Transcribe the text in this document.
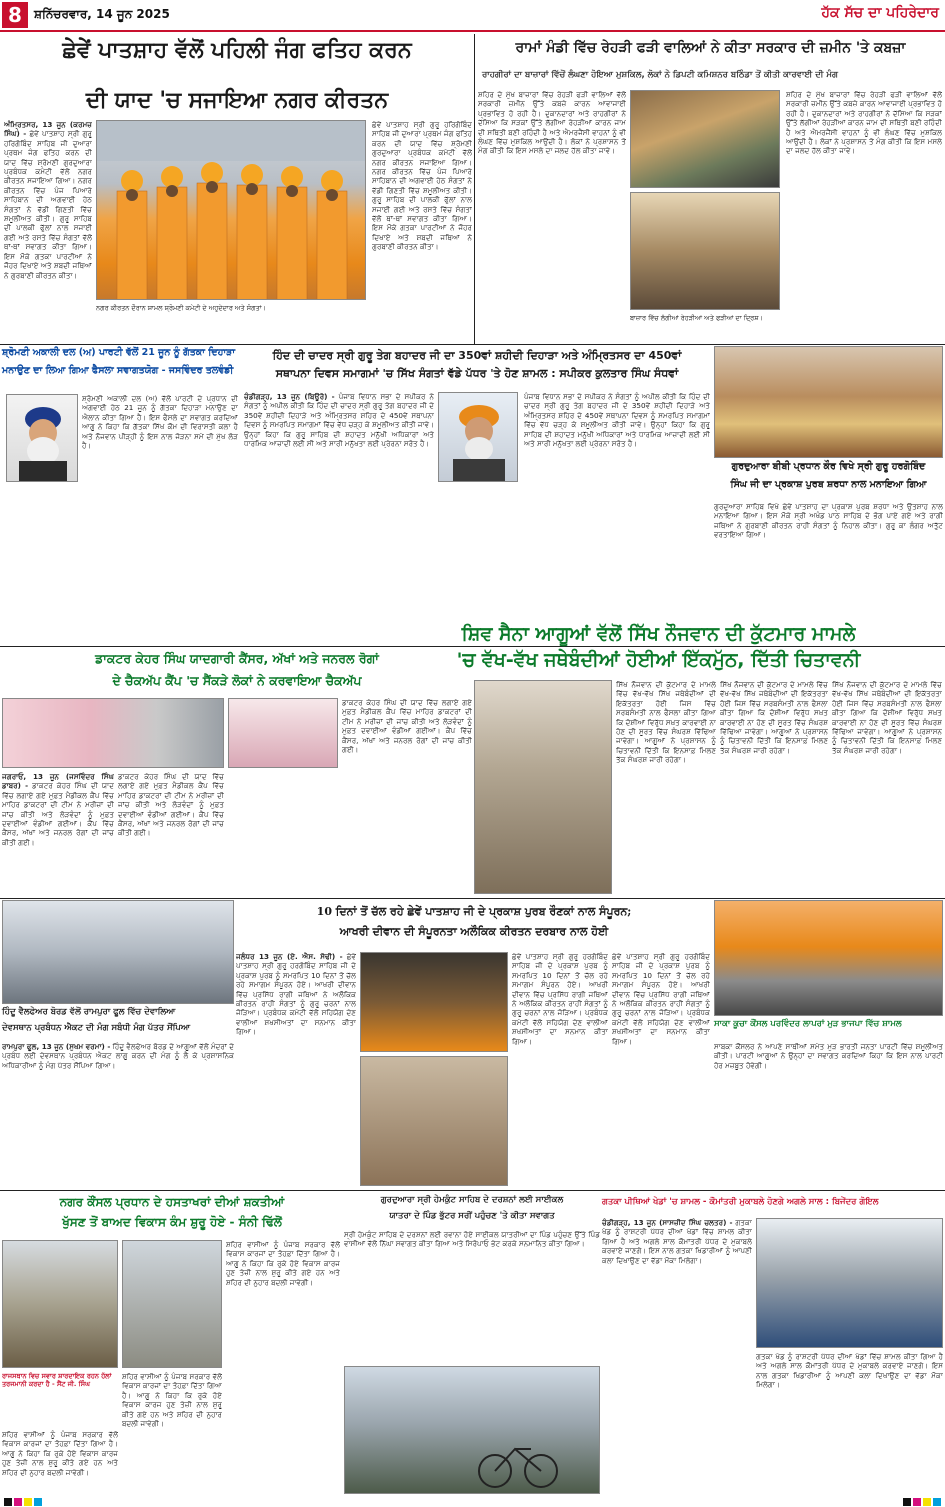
8	ਸ਼ਨਿੱਚਰਵਾਰ, 14 ਜੂਨ 2025	ਹੱਕ ਸੱਚ ਦਾ ਪਹਿਰੇਦਾਰ
ਛੇਵੇਂ ਪਾਤਸ਼ਾਹ ਵੱਲੋਂ ਪਹਿਲੀ ਜੰਗ ਫਤਿਹ ਕਰਨ
ਦੀ ਯਾਦ 'ਚ ਸਜਾਇਆ ਨਗਰ ਕੀਰਤਨ
ਅੰਮ੍ਰਿਤਸਰ, 13 ਜੂਨ (ਕਰਮਜ਼ ਸਿੰਘ) - ਛੇਵੇਂ ਪਾਤਸ਼ਾਹ ਸ੍ਰੀ ਗੁਰੂ ਹਰਿਗੋਬਿੰਦ ਸਾਹਿਬ ਜੀ ਦੁਆਰਾ ਪ੍ਰਥਮ ਜੰਗ ਫਤਿਹ ਕਰਨ ਦੀ ਯਾਦ ਵਿੱਚ ਸ਼੍ਰੋਮਣੀ ਗੁਰਦੁਆਰਾ ਪ੍ਰਬੰਧਕ ਕਮੇਟੀ ਵੱਲੋਂ ਨਗਰ ਕੀਰਤਨ ਸਜਾਇਆ ਗਿਆ। ਨਗਰ ਕੀਰਤਨ ਵਿੱਚ ਪੰਜ ਪਿਆਰੇ ਸਾਹਿਬਾਨ ਦੀ ਅਗਵਾਈ ਹੇਠ ਸੰਗਤਾਂ ਨੇ ਵੱਡੀ ਗਿਣਤੀ ਵਿੱਚ ਸ਼ਮੂਲੀਅਤ ਕੀਤੀ। ਗੁਰੂ ਸਾਹਿਬ ਦੀ ਪਾਲਕੀ ਫੁੱਲਾਂ ਨਾਲ ਸਜਾਈ ਗਈ ਅਤੇ ਰਸਤੇ ਵਿੱਚ ਸੰਗਤਾਂ ਵੱਲੋਂ ਥਾਂ-ਥਾਂ ਸਵਾਗਤ ਕੀਤਾ ਗਿਆ। ਇਸ ਮੌਕੇ ਗਤਕਾ ਪਾਰਟੀਆਂ ਨੇ ਜੌਹਰ ਦਿਖਾਏ ਅਤੇ ਸ਼ਬਦੀ ਜਥਿਆਂ ਨੇ ਗੁਰਬਾਣੀ ਕੀਰਤਨ ਕੀਤਾ।
ਛੇਵੇਂ ਪਾਤਸ਼ਾਹ ਸ੍ਰੀ ਗੁਰੂ ਹਰਿਗੋਬਿੰਦ ਸਾਹਿਬ ਜੀ ਦੁਆਰਾ ਪ੍ਰਥਮ ਜੰਗ ਫਤਿਹ ਕਰਨ ਦੀ ਯਾਦ ਵਿੱਚ ਸ਼੍ਰੋਮਣੀ ਗੁਰਦੁਆਰਾ ਪ੍ਰਬੰਧਕ ਕਮੇਟੀ ਵੱਲੋਂ ਨਗਰ ਕੀਰਤਨ ਸਜਾਇਆ ਗਿਆ। ਨਗਰ ਕੀਰਤਨ ਵਿੱਚ ਪੰਜ ਪਿਆਰੇ ਸਾਹਿਬਾਨ ਦੀ ਅਗਵਾਈ ਹੇਠ ਸੰਗਤਾਂ ਨੇ ਵੱਡੀ ਗਿਣਤੀ ਵਿੱਚ ਸ਼ਮੂਲੀਅਤ ਕੀਤੀ। ਗੁਰੂ ਸਾਹਿਬ ਦੀ ਪਾਲਕੀ ਫੁੱਲਾਂ ਨਾਲ ਸਜਾਈ ਗਈ ਅਤੇ ਰਸਤੇ ਵਿੱਚ ਸੰਗਤਾਂ ਵੱਲੋਂ ਥਾਂ-ਥਾਂ ਸਵਾਗਤ ਕੀਤਾ ਗਿਆ। ਇਸ ਮੌਕੇ ਗਤਕਾ ਪਾਰਟੀਆਂ ਨੇ ਜੌਹਰ ਦਿਖਾਏ ਅਤੇ ਸ਼ਬਦੀ ਜਥਿਆਂ ਨੇ ਗੁਰਬਾਣੀ ਕੀਰਤਨ ਕੀਤਾ।
ਨਗਰ ਕੀਰਤਨ ਦੌਰਾਨ ਸ਼ਾਮਲ ਸ਼੍ਰੋਮਣੀ ਕਮੇਟੀ ਦੇ ਅਹੁਦੇਦਾਰ ਅਤੇ ਸੰਗਤਾਂ।
ਰਾਮਾਂ ਮੰਡੀ ਵਿੱਚ ਰੇਹੜੀ ਫੜੀ ਵਾਲਿਆਂ ਨੇ ਕੀਤਾ ਸਰਕਾਰ ਦੀ ਜ਼ਮੀਨ 'ਤੇ ਕਬਜ਼ਾ
ਰਾਹਗੀਰਾਂ ਦਾ ਬਾਜ਼ਾਰਾਂ ਵਿੱਚੋਂ ਲੰਘਣਾ ਹੋਇਆ ਮੁਸ਼ਕਿਲ, ਲੋਕਾਂ ਨੇ ਡਿਪਟੀ ਕਮਿਸ਼ਨਰ ਬਠਿੰਡਾ ਤੋਂ ਕੀਤੀ ਕਾਰਵਾਈ ਦੀ ਮੰਗ
ਸ਼ਹਿਰ ਦੇ ਮੁੱਖ ਬਾਜ਼ਾਰਾਂ ਵਿੱਚ ਰੇਹੜੀ ਫੜੀ ਵਾਲਿਆਂ ਵੱਲੋਂ ਸਰਕਾਰੀ ਜ਼ਮੀਨ ਉੱਤੇ ਕਬਜ਼ੇ ਕਾਰਨ ਆਵਾਜਾਈ ਪ੍ਰਭਾਵਿਤ ਹੋ ਰਹੀ ਹੈ। ਦੁਕਾਨਦਾਰਾਂ ਅਤੇ ਰਾਹਗੀਰਾਂ ਨੇ ਦੱਸਿਆ ਕਿ ਸੜਕਾਂ ਉੱਤੇ ਲੱਗੀਆਂ ਰੇਹੜੀਆਂ ਕਾਰਨ ਜਾਮ ਦੀ ਸਥਿਤੀ ਬਣੀ ਰਹਿੰਦੀ ਹੈ ਅਤੇ ਐਮਰਜੈਂਸੀ ਵਾਹਨਾਂ ਨੂੰ ਵੀ ਲੰਘਣ ਵਿੱਚ ਮੁਸ਼ਕਿਲ ਆਉਂਦੀ ਹੈ। ਲੋਕਾਂ ਨੇ ਪ੍ਰਸ਼ਾਸਨ ਤੋਂ ਮੰਗ ਕੀਤੀ ਕਿ ਇਸ ਮਸਲੇ ਦਾ ਜਲਦ ਹੱਲ ਕੀਤਾ ਜਾਵੇ।
ਬਾਜ਼ਾਰ ਵਿੱਚ ਲੱਗੀਆਂ ਰੇਹੜੀਆਂ ਅਤੇ ਫੜੀਆਂ ਦਾ ਦ੍ਰਿਸ਼।
ਸ਼ਹਿਰ ਦੇ ਮੁੱਖ ਬਾਜ਼ਾਰਾਂ ਵਿੱਚ ਰੇਹੜੀ ਫੜੀ ਵਾਲਿਆਂ ਵੱਲੋਂ ਸਰਕਾਰੀ ਜ਼ਮੀਨ ਉੱਤੇ ਕਬਜ਼ੇ ਕਾਰਨ ਆਵਾਜਾਈ ਪ੍ਰਭਾਵਿਤ ਹੋ ਰਹੀ ਹੈ। ਦੁਕਾਨਦਾਰਾਂ ਅਤੇ ਰਾਹਗੀਰਾਂ ਨੇ ਦੱਸਿਆ ਕਿ ਸੜਕਾਂ ਉੱਤੇ ਲੱਗੀਆਂ ਰੇਹੜੀਆਂ ਕਾਰਨ ਜਾਮ ਦੀ ਸਥਿਤੀ ਬਣੀ ਰਹਿੰਦੀ ਹੈ ਅਤੇ ਐਮਰਜੈਂਸੀ ਵਾਹਨਾਂ ਨੂੰ ਵੀ ਲੰਘਣ ਵਿੱਚ ਮੁਸ਼ਕਿਲ ਆਉਂਦੀ ਹੈ। ਲੋਕਾਂ ਨੇ ਪ੍ਰਸ਼ਾਸਨ ਤੋਂ ਮੰਗ ਕੀਤੀ ਕਿ ਇਸ ਮਸਲੇ ਦਾ ਜਲਦ ਹੱਲ ਕੀਤਾ ਜਾਵੇ।
ਸ਼੍ਰੋਮਣੀ ਅਕਾਲੀ ਦਲ (ਅ) ਪਾਰਟੀ ਵੱਲੋਂ 21 ਜੂਨ ਨੂੰ ਗੱਤਕਾ ਦਿਹਾੜਾ
ਮਨਾਉਣ ਦਾ ਲਿਆ ਗਿਆ ਫੈਸਲਾ ਸਵਾਗਤਯੋਗ - ਜਸਵਿੰਦਰ ਤਲਵੰਡੀ
ਸ਼੍ਰੋਮਣੀ ਅਕਾਲੀ ਦਲ (ਅ) ਵੱਲੋਂ ਪਾਰਟੀ ਦੇ ਪ੍ਰਧਾਨ ਦੀ ਅਗਵਾਈ ਹੇਠ 21 ਜੂਨ ਨੂੰ ਗੱਤਕਾ ਦਿਹਾੜਾ ਮਨਾਉਣ ਦਾ ਐਲਾਨ ਕੀਤਾ ਗਿਆ ਹੈ। ਇਸ ਫੈਸਲੇ ਦਾ ਸਵਾਗਤ ਕਰਦਿਆਂ ਆਗੂ ਨੇ ਕਿਹਾ ਕਿ ਗੱਤਕਾ ਸਿੱਖ ਕੌਮ ਦੀ ਵਿਰਾਸਤੀ ਕਲਾ ਹੈ ਅਤੇ ਨੌਜਵਾਨ ਪੀੜ੍ਹੀ ਨੂੰ ਇਸ ਨਾਲ ਜੋੜਨਾ ਸਮੇਂ ਦੀ ਮੁੱਖ ਲੋੜ ਹੈ।
ਹਿੰਦ ਦੀ ਚਾਦਰ ਸ੍ਰੀ ਗੁਰੂ ਤੇਗ ਬਹਾਦਰ ਜੀ ਦਾ 350ਵਾਂ ਸ਼ਹੀਦੀ ਦਿਹਾੜਾ ਅਤੇ ਅੰਮ੍ਰਿਤਸਰ ਦਾ 450ਵਾਂ
ਸਥਾਪਨਾ ਦਿਵਸ ਸਮਾਗਮਾਂ 'ਚ ਸਿੱਖ ਸੰਗਤਾਂ ਵੱਡੇ ਪੱਧਰ 'ਤੇ ਹੋਣ ਸ਼ਾਮਲ : ਸਪੀਕਰ ਕੁਲਤਾਰ ਸਿੰਘ ਸੰਧਵਾਂ
ਚੰਡੀਗੜ੍ਹ, 13 ਜੂਨ (ਬਿਊਰੋ) - ਪੰਜਾਬ ਵਿਧਾਨ ਸਭਾ ਦੇ ਸਪੀਕਰ ਨੇ ਸੰਗਤਾਂ ਨੂੰ ਅਪੀਲ ਕੀਤੀ ਕਿ ਹਿੰਦ ਦੀ ਚਾਦਰ ਸ੍ਰੀ ਗੁਰੂ ਤੇਗ ਬਹਾਦਰ ਜੀ ਦੇ 350ਵੇਂ ਸ਼ਹੀਦੀ ਦਿਹਾੜੇ ਅਤੇ ਅੰਮ੍ਰਿਤਸਰ ਸ਼ਹਿਰ ਦੇ 450ਵੇਂ ਸਥਾਪਨਾ ਦਿਵਸ ਨੂੰ ਸਮਰਪਿਤ ਸਮਾਗਮਾਂ ਵਿੱਚ ਵੱਧ ਚੜ੍ਹ ਕੇ ਸ਼ਮੂਲੀਅਤ ਕੀਤੀ ਜਾਵੇ। ਉਨ੍ਹਾਂ ਕਿਹਾ ਕਿ ਗੁਰੂ ਸਾਹਿਬ ਦੀ ਸ਼ਹਾਦਤ ਮਨੁੱਖੀ ਅਧਿਕਾਰਾਂ ਅਤੇ ਧਾਰਮਿਕ ਆਜ਼ਾਦੀ ਲਈ ਸੀ ਅਤੇ ਸਾਰੀ ਮਨੁੱਖਤਾ ਲਈ ਪ੍ਰੇਰਨਾ ਸਰੋਤ ਹੈ।
ਪੰਜਾਬ ਵਿਧਾਨ ਸਭਾ ਦੇ ਸਪੀਕਰ ਨੇ ਸੰਗਤਾਂ ਨੂੰ ਅਪੀਲ ਕੀਤੀ ਕਿ ਹਿੰਦ ਦੀ ਚਾਦਰ ਸ੍ਰੀ ਗੁਰੂ ਤੇਗ ਬਹਾਦਰ ਜੀ ਦੇ 350ਵੇਂ ਸ਼ਹੀਦੀ ਦਿਹਾੜੇ ਅਤੇ ਅੰਮ੍ਰਿਤਸਰ ਸ਼ਹਿਰ ਦੇ 450ਵੇਂ ਸਥਾਪਨਾ ਦਿਵਸ ਨੂੰ ਸਮਰਪਿਤ ਸਮਾਗਮਾਂ ਵਿੱਚ ਵੱਧ ਚੜ੍ਹ ਕੇ ਸ਼ਮੂਲੀਅਤ ਕੀਤੀ ਜਾਵੇ। ਉਨ੍ਹਾਂ ਕਿਹਾ ਕਿ ਗੁਰੂ ਸਾਹਿਬ ਦੀ ਸ਼ਹਾਦਤ ਮਨੁੱਖੀ ਅਧਿਕਾਰਾਂ ਅਤੇ ਧਾਰਮਿਕ ਆਜ਼ਾਦੀ ਲਈ ਸੀ ਅਤੇ ਸਾਰੀ ਮਨੁੱਖਤਾ ਲਈ ਪ੍ਰੇਰਨਾ ਸਰੋਤ ਹੈ।
ਗੁਰਦੁਆਰਾ ਬੀਬੀ ਪ੍ਰਧਾਨ ਕੌਰ ਵਿਖੇ ਸ੍ਰੀ ਗੁਰੂ ਹਰਗੋਬਿੰਦ
ਸਿੰਘ ਜੀ ਦਾ ਪ੍ਰਕਾਸ਼ ਪੁਰਬ ਸ਼ਰਧਾ ਨਾਲ ਮਨਾਇਆ ਗਿਆ
ਗੁਰਦੁਆਰਾ ਸਾਹਿਬ ਵਿਖੇ ਛੇਵੇਂ ਪਾਤਸ਼ਾਹ ਦਾ ਪ੍ਰਕਾਸ਼ ਪੁਰਬ ਸ਼ਰਧਾ ਅਤੇ ਉਤਸ਼ਾਹ ਨਾਲ ਮਨਾਇਆ ਗਿਆ। ਇਸ ਮੌਕੇ ਸ੍ਰੀ ਅਖੰਡ ਪਾਠ ਸਾਹਿਬ ਦੇ ਭੋਗ ਪਾਏ ਗਏ ਅਤੇ ਰਾਗੀ ਜਥਿਆਂ ਨੇ ਗੁਰਬਾਣੀ ਕੀਰਤਨ ਰਾਹੀਂ ਸੰਗਤਾਂ ਨੂੰ ਨਿਹਾਲ ਕੀਤਾ। ਗੁਰੂ ਕਾ ਲੰਗਰ ਅਤੁੱਟ ਵਰਤਾਇਆ ਗਿਆ।
ਡਾਕਟਰ ਕੇਹਰ ਸਿੰਘ ਯਾਦਗਾਰੀ ਕੈਂਸਰ, ਅੱਖਾਂ ਅਤੇ ਜਨਰਲ ਰੋਗਾਂ
ਦੇ ਚੈਕਅੱਪ ਕੈਂਪ 'ਚ ਸੈਂਕੜੇ ਲੋਕਾਂ ਨੇ ਕਰਵਾਇਆ ਚੈਕਅੱਪ
ਜਗਰਾਓਂ, 13 ਜੂਨ (ਜਸਵਿੰਦਰ ਸਿੰਘ ਡਾਬਰ) - ਡਾਕਟਰ ਕੇਹਰ ਸਿੰਘ ਦੀ ਯਾਦ ਵਿੱਚ ਲਗਾਏ ਗਏ ਮੁਫ਼ਤ ਮੈਡੀਕਲ ਕੈਂਪ ਵਿੱਚ ਮਾਹਿਰ ਡਾਕਟਰਾਂ ਦੀ ਟੀਮ ਨੇ ਮਰੀਜ਼ਾਂ ਦੀ ਜਾਂਚ ਕੀਤੀ ਅਤੇ ਲੋੜਵੰਦਾਂ ਨੂੰ ਮੁਫ਼ਤ ਦਵਾਈਆਂ ਵੰਡੀਆਂ ਗਈਆਂ। ਕੈਂਪ ਵਿੱਚ ਕੈਂਸਰ, ਅੱਖਾਂ ਅਤੇ ਜਨਰਲ ਰੋਗਾਂ ਦੀ ਜਾਂਚ ਕੀਤੀ ਗਈ।
ਡਾਕਟਰ ਕੇਹਰ ਸਿੰਘ ਦੀ ਯਾਦ ਵਿੱਚ ਲਗਾਏ ਗਏ ਮੁਫ਼ਤ ਮੈਡੀਕਲ ਕੈਂਪ ਵਿੱਚ ਮਾਹਿਰ ਡਾਕਟਰਾਂ ਦੀ ਟੀਮ ਨੇ ਮਰੀਜ਼ਾਂ ਦੀ ਜਾਂਚ ਕੀਤੀ ਅਤੇ ਲੋੜਵੰਦਾਂ ਨੂੰ ਮੁਫ਼ਤ ਦਵਾਈਆਂ ਵੰਡੀਆਂ ਗਈਆਂ। ਕੈਂਪ ਵਿੱਚ ਕੈਂਸਰ, ਅੱਖਾਂ ਅਤੇ ਜਨਰਲ ਰੋਗਾਂ ਦੀ ਜਾਂਚ ਕੀਤੀ ਗਈ।
ਡਾਕਟਰ ਕੇਹਰ ਸਿੰਘ ਦੀ ਯਾਦ ਵਿੱਚ ਲਗਾਏ ਗਏ ਮੁਫ਼ਤ ਮੈਡੀਕਲ ਕੈਂਪ ਵਿੱਚ ਮਾਹਿਰ ਡਾਕਟਰਾਂ ਦੀ ਟੀਮ ਨੇ ਮਰੀਜ਼ਾਂ ਦੀ ਜਾਂਚ ਕੀਤੀ ਅਤੇ ਲੋੜਵੰਦਾਂ ਨੂੰ ਮੁਫ਼ਤ ਦਵਾਈਆਂ ਵੰਡੀਆਂ ਗਈਆਂ। ਕੈਂਪ ਵਿੱਚ ਕੈਂਸਰ, ਅੱਖਾਂ ਅਤੇ ਜਨਰਲ ਰੋਗਾਂ ਦੀ ਜਾਂਚ ਕੀਤੀ ਗਈ।
ਸ਼ਿਵ ਸੈਨਾ ਆਗੂਆਂ ਵੱਲੋਂ ਸਿੱਖ ਨੌਜਵਾਨ ਦੀ ਕੁੱਟਮਾਰ ਮਾਮਲੇ
'ਚ ਵੱਖ-ਵੱਖ ਜਥੇਬੰਦੀਆਂ ਹੋਈਆਂ ਇੱਕਮੁੱਠ, ਦਿੱਤੀ ਚਿਤਾਵਨੀ
ਸਿੱਖ ਨੌਜਵਾਨ ਦੀ ਕੁੱਟਮਾਰ ਦੇ ਮਾਮਲੇ ਵਿੱਚ ਵੱਖ-ਵੱਖ ਸਿੱਖ ਜਥੇਬੰਦੀਆਂ ਦੀ ਇਕੱਤਰਤਾ ਹੋਈ ਜਿਸ ਵਿੱਚ ਸਰਬਸੰਮਤੀ ਨਾਲ ਫੈਸਲਾ ਕੀਤਾ ਗਿਆ ਕਿ ਦੋਸ਼ੀਆਂ ਵਿਰੁੱਧ ਸਖ਼ਤ ਕਾਰਵਾਈ ਨਾ ਹੋਣ ਦੀ ਸੂਰਤ ਵਿੱਚ ਸੰਘਰਸ਼ ਵਿੱਢਿਆ ਜਾਵੇਗਾ। ਆਗੂਆਂ ਨੇ ਪ੍ਰਸ਼ਾਸਨ ਨੂੰ ਚਿਤਾਵਨੀ ਦਿੱਤੀ ਕਿ ਇਨਸਾਫ਼ ਮਿਲਣ ਤੱਕ ਸੰਘਰਸ਼ ਜਾਰੀ ਰਹੇਗਾ।
ਸਿੱਖ ਨੌਜਵਾਨ ਦੀ ਕੁੱਟਮਾਰ ਦੇ ਮਾਮਲੇ ਵਿੱਚ ਵੱਖ-ਵੱਖ ਸਿੱਖ ਜਥੇਬੰਦੀਆਂ ਦੀ ਇਕੱਤਰਤਾ ਹੋਈ ਜਿਸ ਵਿੱਚ ਸਰਬਸੰਮਤੀ ਨਾਲ ਫੈਸਲਾ ਕੀਤਾ ਗਿਆ ਕਿ ਦੋਸ਼ੀਆਂ ਵਿਰੁੱਧ ਸਖ਼ਤ ਕਾਰਵਾਈ ਨਾ ਹੋਣ ਦੀ ਸੂਰਤ ਵਿੱਚ ਸੰਘਰਸ਼ ਵਿੱਢਿਆ ਜਾਵੇਗਾ। ਆਗੂਆਂ ਨੇ ਪ੍ਰਸ਼ਾਸਨ ਨੂੰ ਚਿਤਾਵਨੀ ਦਿੱਤੀ ਕਿ ਇਨਸਾਫ਼ ਮਿਲਣ ਤੱਕ ਸੰਘਰਸ਼ ਜਾਰੀ ਰਹੇਗਾ।
ਸਿੱਖ ਨੌਜਵਾਨ ਦੀ ਕੁੱਟਮਾਰ ਦੇ ਮਾਮਲੇ ਵਿੱਚ ਵੱਖ-ਵੱਖ ਸਿੱਖ ਜਥੇਬੰਦੀਆਂ ਦੀ ਇਕੱਤਰਤਾ ਹੋਈ ਜਿਸ ਵਿੱਚ ਸਰਬਸੰਮਤੀ ਨਾਲ ਫੈਸਲਾ ਕੀਤਾ ਗਿਆ ਕਿ ਦੋਸ਼ੀਆਂ ਵਿਰੁੱਧ ਸਖ਼ਤ ਕਾਰਵਾਈ ਨਾ ਹੋਣ ਦੀ ਸੂਰਤ ਵਿੱਚ ਸੰਘਰਸ਼ ਵਿੱਢਿਆ ਜਾਵੇਗਾ। ਆਗੂਆਂ ਨੇ ਪ੍ਰਸ਼ਾਸਨ ਨੂੰ ਚਿਤਾਵਨੀ ਦਿੱਤੀ ਕਿ ਇਨਸਾਫ਼ ਮਿਲਣ ਤੱਕ ਸੰਘਰਸ਼ ਜਾਰੀ ਰਹੇਗਾ।
ਹਿੰਦੂ ਵੈਲਫੇਅਰ ਬੋਰਡ ਵੱਲੋਂ ਰਾਮਪੁਰਾ ਫੂਲ ਵਿੱਚ ਦੇਵਾਲਿਆ
ਦੇਵਸਥਾਨ ਪ੍ਰਬੰਧਨ ਐਕਟ ਦੀ ਮੰਗ ਸਬੰਧੀ ਮੰਗ ਪੱਤਰ ਸੌਂਪਿਆ
ਰਾਮਪੁਰਾ ਫੂਲ, 13 ਜੂਨ (ਸੁਖਮ ਵਰਮਾ) - ਹਿੰਦੂ ਵੈਲਫੇਅਰ ਬੋਰਡ ਦੇ ਆਗੂਆਂ ਵੱਲੋਂ ਮੰਦਰਾਂ ਦੇ ਪ੍ਰਬੰਧ ਲਈ ਦੇਵਸਥਾਨ ਪ੍ਰਬੰਧਨ ਐਕਟ ਲਾਗੂ ਕਰਨ ਦੀ ਮੰਗ ਨੂੰ ਲੈ ਕੇ ਪ੍ਰਸ਼ਾਸਨਿਕ ਅਧਿਕਾਰੀਆਂ ਨੂੰ ਮੰਗ ਪੱਤਰ ਸੌਂਪਿਆ ਗਿਆ।
10 ਦਿਨਾਂ ਤੋਂ ਚੱਲ ਰਹੇ ਛੇਵੇਂ ਪਾਤਸ਼ਾਹ ਜੀ ਦੇ ਪ੍ਰਕਾਸ਼ ਪੁਰਬ ਰੌਣਕਾਂ ਨਾਲ ਸੰਪੂਰਨ;
ਆਖਰੀ ਦੀਵਾਨ ਦੀ ਸੰਪੂਰਨਤਾ ਅਲੌਕਿਕ ਕੀਰਤਨ ਦਰਬਾਰ ਨਾਲ ਹੋਈ
ਜਲੰਧਰ 13 ਜੂਨ (ਏ. ਐਸ. ਸੋਢੀ) - ਛੇਵੇਂ ਪਾਤਸ਼ਾਹ ਸ੍ਰੀ ਗੁਰੂ ਹਰਗੋਬਿੰਦ ਸਾਹਿਬ ਜੀ ਦੇ ਪ੍ਰਕਾਸ਼ ਪੁਰਬ ਨੂੰ ਸਮਰਪਿਤ 10 ਦਿਨਾਂ ਤੋਂ ਚੱਲ ਰਹੇ ਸਮਾਗਮ ਸੰਪੂਰਨ ਹੋਏ। ਆਖਰੀ ਦੀਵਾਨ ਵਿੱਚ ਪ੍ਰਸਿੱਧ ਰਾਗੀ ਜਥਿਆਂ ਨੇ ਅਲੌਕਿਕ ਕੀਰਤਨ ਰਾਹੀਂ ਸੰਗਤਾਂ ਨੂੰ ਗੁਰੂ ਚਰਨਾਂ ਨਾਲ ਜੋੜਿਆ। ਪ੍ਰਬੰਧਕ ਕਮੇਟੀ ਵੱਲੋਂ ਸਹਿਯੋਗ ਦੇਣ ਵਾਲੀਆਂ ਸ਼ਖਸੀਅਤਾਂ ਦਾ ਸਨਮਾਨ ਕੀਤਾ ਗਿਆ।
ਛੇਵੇਂ ਪਾਤਸ਼ਾਹ ਸ੍ਰੀ ਗੁਰੂ ਹਰਗੋਬਿੰਦ ਸਾਹਿਬ ਜੀ ਦੇ ਪ੍ਰਕਾਸ਼ ਪੁਰਬ ਨੂੰ ਸਮਰਪਿਤ 10 ਦਿਨਾਂ ਤੋਂ ਚੱਲ ਰਹੇ ਸਮਾਗਮ ਸੰਪੂਰਨ ਹੋਏ। ਆਖਰੀ ਦੀਵਾਨ ਵਿੱਚ ਪ੍ਰਸਿੱਧ ਰਾਗੀ ਜਥਿਆਂ ਨੇ ਅਲੌਕਿਕ ਕੀਰਤਨ ਰਾਹੀਂ ਸੰਗਤਾਂ ਨੂੰ ਗੁਰੂ ਚਰਨਾਂ ਨਾਲ ਜੋੜਿਆ। ਪ੍ਰਬੰਧਕ ਕਮੇਟੀ ਵੱਲੋਂ ਸਹਿਯੋਗ ਦੇਣ ਵਾਲੀਆਂ ਸ਼ਖਸੀਅਤਾਂ ਦਾ ਸਨਮਾਨ ਕੀਤਾ ਗਿਆ।
ਛੇਵੇਂ ਪਾਤਸ਼ਾਹ ਸ੍ਰੀ ਗੁਰੂ ਹਰਗੋਬਿੰਦ ਸਾਹਿਬ ਜੀ ਦੇ ਪ੍ਰਕਾਸ਼ ਪੁਰਬ ਨੂੰ ਸਮਰਪਿਤ 10 ਦਿਨਾਂ ਤੋਂ ਚੱਲ ਰਹੇ ਸਮਾਗਮ ਸੰਪੂਰਨ ਹੋਏ। ਆਖਰੀ ਦੀਵਾਨ ਵਿੱਚ ਪ੍ਰਸਿੱਧ ਰਾਗੀ ਜਥਿਆਂ ਨੇ ਅਲੌਕਿਕ ਕੀਰਤਨ ਰਾਹੀਂ ਸੰਗਤਾਂ ਨੂੰ ਗੁਰੂ ਚਰਨਾਂ ਨਾਲ ਜੋੜਿਆ। ਪ੍ਰਬੰਧਕ ਕਮੇਟੀ ਵੱਲੋਂ ਸਹਿਯੋਗ ਦੇਣ ਵਾਲੀਆਂ ਸ਼ਖਸੀਅਤਾਂ ਦਾ ਸਨਮਾਨ ਕੀਤਾ ਗਿਆ।
ਸਾਕਾ ਕੂਚਾ ਕੌਂਸਲ ਪਰਵਿੰਦਰ ਲਾਪਰਾਂ ਮੁੜ ਭਾਜਪਾ ਵਿੱਚ ਸ਼ਾਮਲ
ਸਾਬਕਾ ਕੌਂਸਲਰ ਨੇ ਆਪਣੇ ਸਾਥੀਆਂ ਸਮੇਤ ਮੁੜ ਭਾਰਤੀ ਜਨਤਾ ਪਾਰਟੀ ਵਿੱਚ ਸ਼ਮੂਲੀਅਤ ਕੀਤੀ। ਪਾਰਟੀ ਆਗੂਆਂ ਨੇ ਉਨ੍ਹਾਂ ਦਾ ਸਵਾਗਤ ਕਰਦਿਆਂ ਕਿਹਾ ਕਿ ਇਸ ਨਾਲ ਪਾਰਟੀ ਹੋਰ ਮਜ਼ਬੂਤ ਹੋਵੇਗੀ।
ਨਗਰ ਕੌਂਸਲ ਪ੍ਰਧਾਨ ਦੇ ਹਸਤਾਖਰਾਂ ਦੀਆਂ ਸ਼ਕਤੀਆਂ
ਖੁੱਸਣ ਤੋਂ ਬਾਅਦ ਵਿਕਾਸ ਕੰਮ ਸ਼ੁਰੂ ਹੋਏ - ਸੰਨੀ ਢਿੱਲੋਂ
ਰਾਜਸਥਾਨ ਵਿਚ ਸਵਾਰ ਸ਼ਾਰਦਾਇਕ ਰਹਨ ਹੱਲਾਂ ਤਰਜਮਾਨੀ ਕਰਦਾ ਹੈ - ਸੈਂਟ ਜੀ. ਸਿੰਘ
ਸ਼ਹਿਰ ਵਾਸੀਆਂ ਨੂੰ ਪੰਜਾਬ ਸਰਕਾਰ ਵੱਲੋਂ ਵਿਕਾਸ ਕਾਰਜਾਂ ਦਾ ਤੋਹਫ਼ਾ ਦਿੱਤਾ ਗਿਆ ਹੈ। ਆਗੂ ਨੇ ਕਿਹਾ ਕਿ ਰੁਕੇ ਹੋਏ ਵਿਕਾਸ ਕਾਰਜ ਹੁਣ ਤੇਜ਼ੀ ਨਾਲ ਸ਼ੁਰੂ ਕੀਤੇ ਗਏ ਹਨ ਅਤੇ ਸ਼ਹਿਰ ਦੀ ਨੁਹਾਰ ਬਦਲੀ ਜਾਵੇਗੀ।
ਸ਼ਹਿਰ ਵਾਸੀਆਂ ਨੂੰ ਪੰਜਾਬ ਸਰਕਾਰ ਵੱਲੋਂ ਵਿਕਾਸ ਕਾਰਜਾਂ ਦਾ ਤੋਹਫ਼ਾ ਦਿੱਤਾ ਗਿਆ ਹੈ। ਆਗੂ ਨੇ ਕਿਹਾ ਕਿ ਰੁਕੇ ਹੋਏ ਵਿਕਾਸ ਕਾਰਜ ਹੁਣ ਤੇਜ਼ੀ ਨਾਲ ਸ਼ੁਰੂ ਕੀਤੇ ਗਏ ਹਨ ਅਤੇ ਸ਼ਹਿਰ ਦੀ ਨੁਹਾਰ ਬਦਲੀ ਜਾਵੇਗੀ।
ਸ਼ਹਿਰ ਵਾਸੀਆਂ ਨੂੰ ਪੰਜਾਬ ਸਰਕਾਰ ਵੱਲੋਂ ਵਿਕਾਸ ਕਾਰਜਾਂ ਦਾ ਤੋਹਫ਼ਾ ਦਿੱਤਾ ਗਿਆ ਹੈ। ਆਗੂ ਨੇ ਕਿਹਾ ਕਿ ਰੁਕੇ ਹੋਏ ਵਿਕਾਸ ਕਾਰਜ ਹੁਣ ਤੇਜ਼ੀ ਨਾਲ ਸ਼ੁਰੂ ਕੀਤੇ ਗਏ ਹਨ ਅਤੇ ਸ਼ਹਿਰ ਦੀ ਨੁਹਾਰ ਬਦਲੀ ਜਾਵੇਗੀ।
ਗੁਰਦੁਆਰਾ ਸ੍ਰੀ ਹੇਮਕੁੰਟ ਸਾਹਿਬ ਦੇ ਦਰਸ਼ਨਾਂ ਲਈ ਸਾਈਕਲ
ਯਾਤਰਾ ਦੇ ਪਿੰਡ ਭੁੱਟਰ ਸਰੀਂ ਪਹੁੰਚਣ 'ਤੇ ਕੀਤਾ ਸਵਾਗਤ
ਸ੍ਰੀ ਹੇਮਕੁੰਟ ਸਾਹਿਬ ਦੇ ਦਰਸ਼ਨਾਂ ਲਈ ਰਵਾਨਾ ਹੋਏ ਸਾਈਕਲ ਯਾਤਰੀਆਂ ਦਾ ਪਿੰਡ ਪਹੁੰਚਣ ਉੱਤੇ ਪਿੰਡ ਵਾਸੀਆਂ ਵੱਲੋਂ ਨਿੱਘਾ ਸਵਾਗਤ ਕੀਤਾ ਗਿਆ ਅਤੇ ਸਿਰੋਪਾਓ ਭੇਟ ਕਰਕੇ ਸਨਮਾਨਿਤ ਕੀਤਾ ਗਿਆ।
ਗਤਕਾ ਪੀਥਿਆਂ ਖੇਡਾਂ 'ਚ ਸ਼ਾਮਲ - ਕੌਮਾਂਤਰੀ ਮੁਕਾਬਲੇ ਹੋਣਗੇ ਅਗਲੇ ਸਾਲ : ਬਿਜੇਂਦਰ ਗੋਇਲ
ਚੰਡੀਗੜ੍ਹ, 13 ਜੂਨ (ਸਾਸਜ਼ੀਦ ਸਿੰਘ ਚਲਤਰ) - ਗਤਕਾ ਖੇਡ ਨੂੰ ਰਾਸ਼ਟਰੀ ਪੱਧਰ ਦੀਆਂ ਖੇਡਾਂ ਵਿੱਚ ਸ਼ਾਮਲ ਕੀਤਾ ਗਿਆ ਹੈ ਅਤੇ ਅਗਲੇ ਸਾਲ ਕੌਮਾਂਤਰੀ ਪੱਧਰ ਦੇ ਮੁਕਾਬਲੇ ਕਰਵਾਏ ਜਾਣਗੇ। ਇਸ ਨਾਲ ਗਤਕਾ ਖਿਡਾਰੀਆਂ ਨੂੰ ਆਪਣੀ ਕਲਾ ਦਿਖਾਉਣ ਦਾ ਵੱਡਾ ਮੌਕਾ ਮਿਲੇਗਾ।
ਗਤਕਾ ਖੇਡ ਨੂੰ ਰਾਸ਼ਟਰੀ ਪੱਧਰ ਦੀਆਂ ਖੇਡਾਂ ਵਿੱਚ ਸ਼ਾਮਲ ਕੀਤਾ ਗਿਆ ਹੈ ਅਤੇ ਅਗਲੇ ਸਾਲ ਕੌਮਾਂਤਰੀ ਪੱਧਰ ਦੇ ਮੁਕਾਬਲੇ ਕਰਵਾਏ ਜਾਣਗੇ। ਇਸ ਨਾਲ ਗਤਕਾ ਖਿਡਾਰੀਆਂ ਨੂੰ ਆਪਣੀ ਕਲਾ ਦਿਖਾਉਣ ਦਾ ਵੱਡਾ ਮੌਕਾ ਮਿਲੇਗਾ।
